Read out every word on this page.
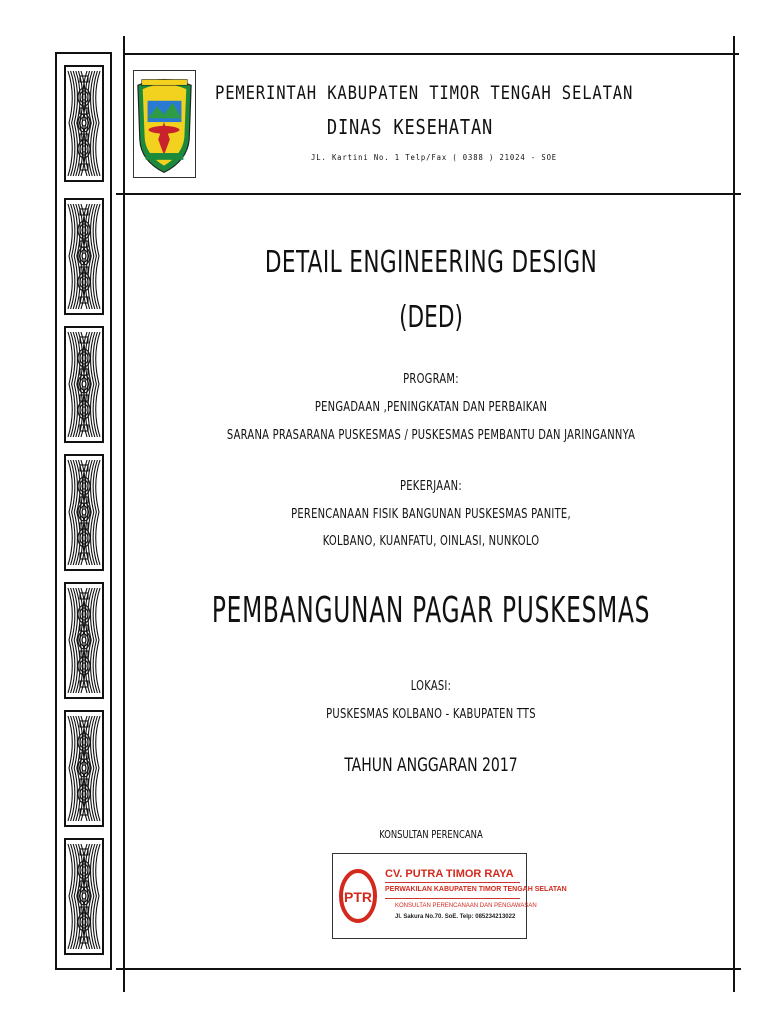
PEMERINTAH KABUPATEN TIMOR TENGAH SELATAN
DINAS KESEHATAN
JL. Kartini No. 1 Telp/Fax ( 0388 ) 21024 - SOE
DETAIL ENGINEERING DESIGN
(DED)
PROGRAM:
PENGADAAN ,PENINGKATAN DAN PERBAIKAN
SARANA PRASARANA PUSKESMAS / PUSKESMAS PEMBANTU DAN JARINGANNYA
PEKERJAAN:
PERENCANAAN FISIK BANGUNAN PUSKESMAS PANITE,
KOLBANO, KUANFATU, OINLASI, NUNKOLO
PEMBANGUNAN PAGAR PUSKESMAS
LOKASI:
PUSKESMAS KOLBANO - KABUPATEN TTS
TAHUN ANGGARAN 2017
KONSULTAN PERENCANA
PTR
CV. PUTRA TIMOR RAYA
PERWAKILAN KABUPATEN TIMOR TENGAH SELATAN
KONSULTAN PERENCANAAN DAN PENGAWASAN
Jl. Sakura No.70. SoE. Telp: 085234213022
